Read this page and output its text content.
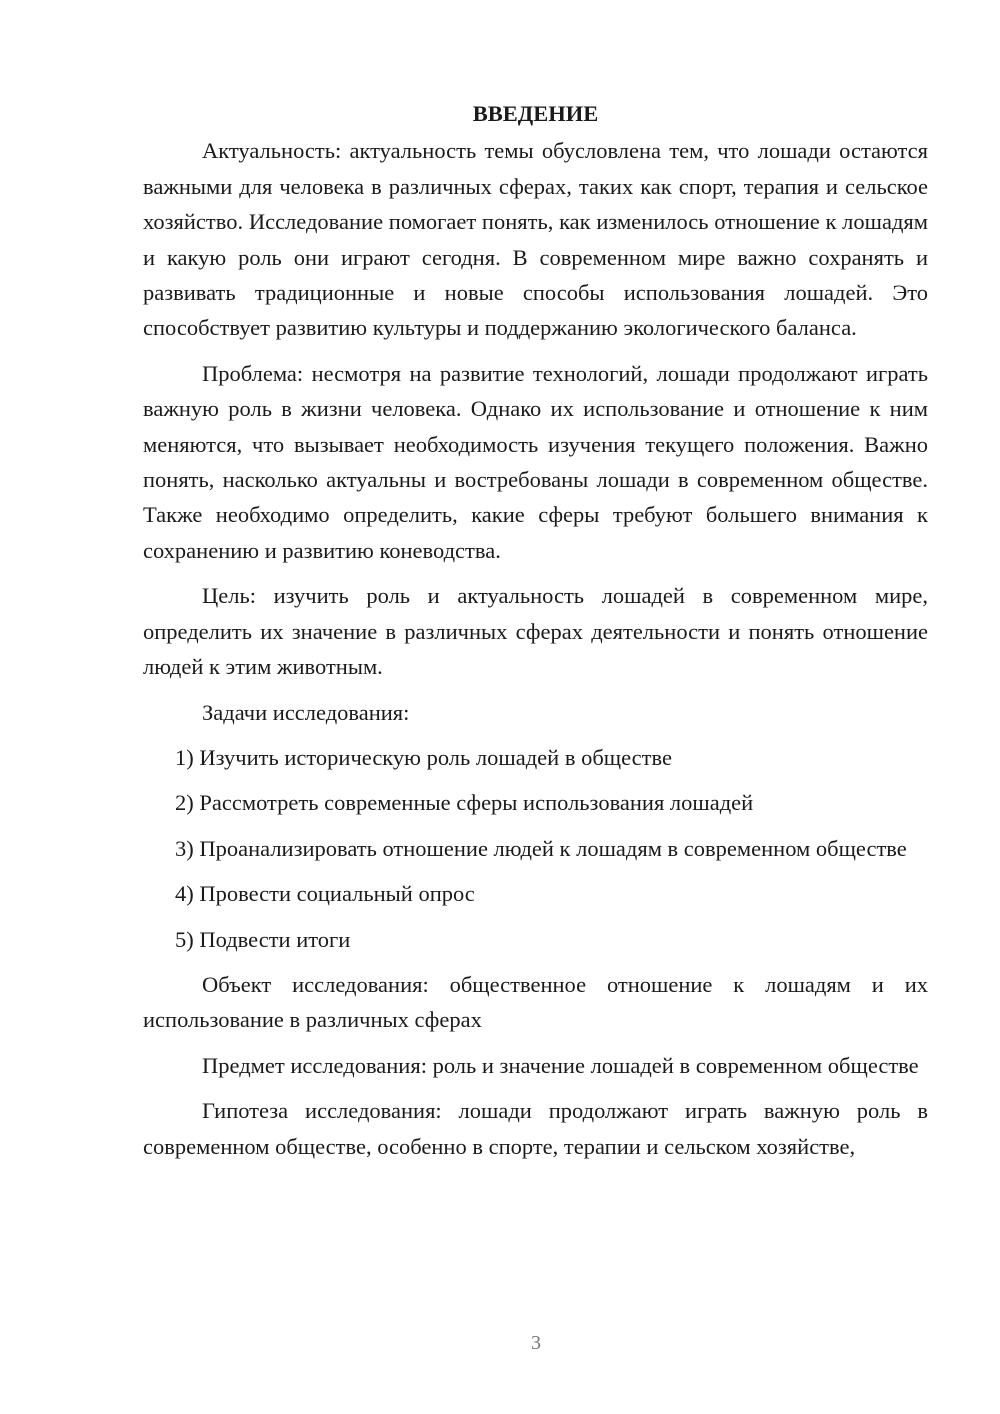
ВВЕДЕНИЕ

Актуальность: актуальность темы обусловлена тем, что лошади остаются важными для человека в различных сферах, таких как спорт, терапия и сельское хозяйство. Исследование помогает понять, как изменилось отношение к лошадям и какую роль они играют сегодня. В современном мире важно сохранять и развивать традиционные и новые способы использования лошадей. Это способствует развитию культуры и поддержанию экологического баланса.

Проблема: несмотря на развитие технологий, лошади продолжают играть важную роль в жизни человека. Однако их использование и отношение к ним меняются, что вызывает необходимость изучения текущего положения. Важно понять, насколько актуальны и востребованы лошади в современном обществе. Также необходимо определить, какие сферы требуют большего внимания к сохранению и развитию коневодства.

Цель: изучить роль и актуальность лошадей в современном мире, определить их значение в различных сферах деятельности и понять отношение людей к этим животным.

Задачи исследования:

1) Изучить историческую роль лошадей в обществе

2) Рассмотреть современные сферы использования лошадей

3) Проанализировать отношение людей к лошадям в современном обществе

4) Провести социальный опрос

5) Подвести итоги

Объект исследования: общественное отношение к лошадям и их использование в различных сферах

Предмет исследования: роль и значение лошадей в современном обществе

Гипотеза исследования: лошади продолжают играть важную роль в современном обществе, особенно в спорте, терапии и сельском хозяйстве,

3
